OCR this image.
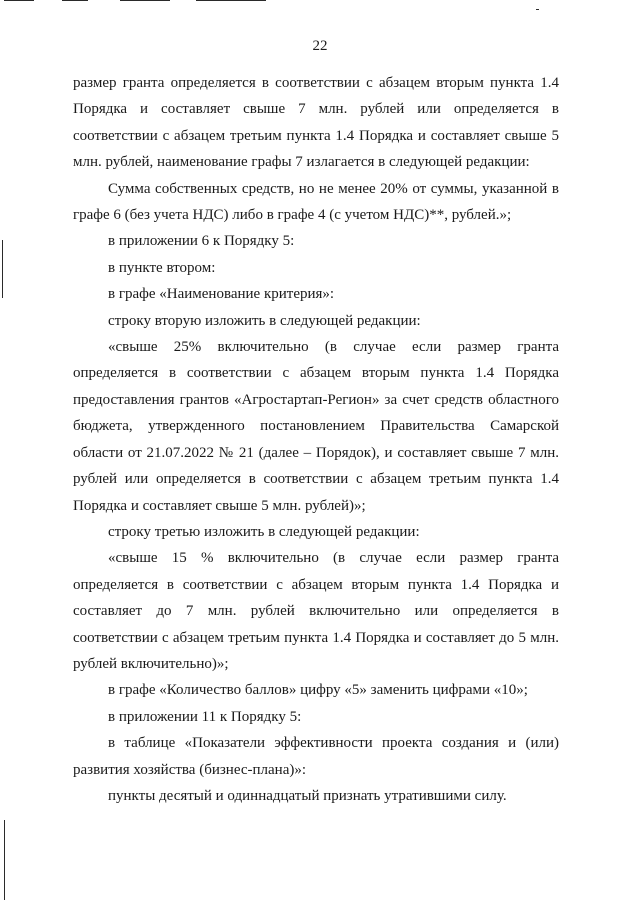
22

размер гранта определяется в соответствии с абзацем вторым пункта 1.4 Порядка и составляет свыше 7 млн. рублей или определяется в соответствии с абзацем третьим пункта 1.4 Порядка и составляет свыше 5 млн. рублей, наименование графы 7 излагается в следующей редакции:

Сумма собственных средств, но не менее 20% от суммы, указанной в графе 6 (без учета НДС) либо в графе 4 (с учетом НДС)**, рублей.»;

в приложении 6 к Порядку 5:

в пункте втором:

в графе «Наименование критерия»:

строку вторую изложить в следующей редакции:

«свыше 25% включительно (в случае если размер гранта определяется в соответствии с абзацем вторым пункта 1.4 Порядка предоставления грантов «Агростартап-Регион» за счет средств областного бюджета, утвержденного постановлением Правительства Самарской области от 21.07.2022 № 21 (далее – Порядок), и составляет свыше 7 млн. рублей или определяется в соответствии с абзацем третьим пункта 1.4 Порядка и составляет свыше 5 млн. рублей)»;

строку третью изложить в следующей редакции:

«свыше 15 % включительно (в случае если размер гранта определяется в соответствии с абзацем вторым пункта 1.4 Порядка и составляет до 7 млн. рублей включительно или определяется в соответствии с абзацем третьим пункта 1.4 Порядка и составляет до 5 млн. рублей включительно)»;

в графе «Количество баллов» цифру «5» заменить цифрами «10»;

в приложении 11 к Порядку 5:

в таблице «Показатели эффективности проекта создания и (или) развития хозяйства (бизнес-плана)»:

пункты десятый и одиннадцатый признать утратившими силу.
